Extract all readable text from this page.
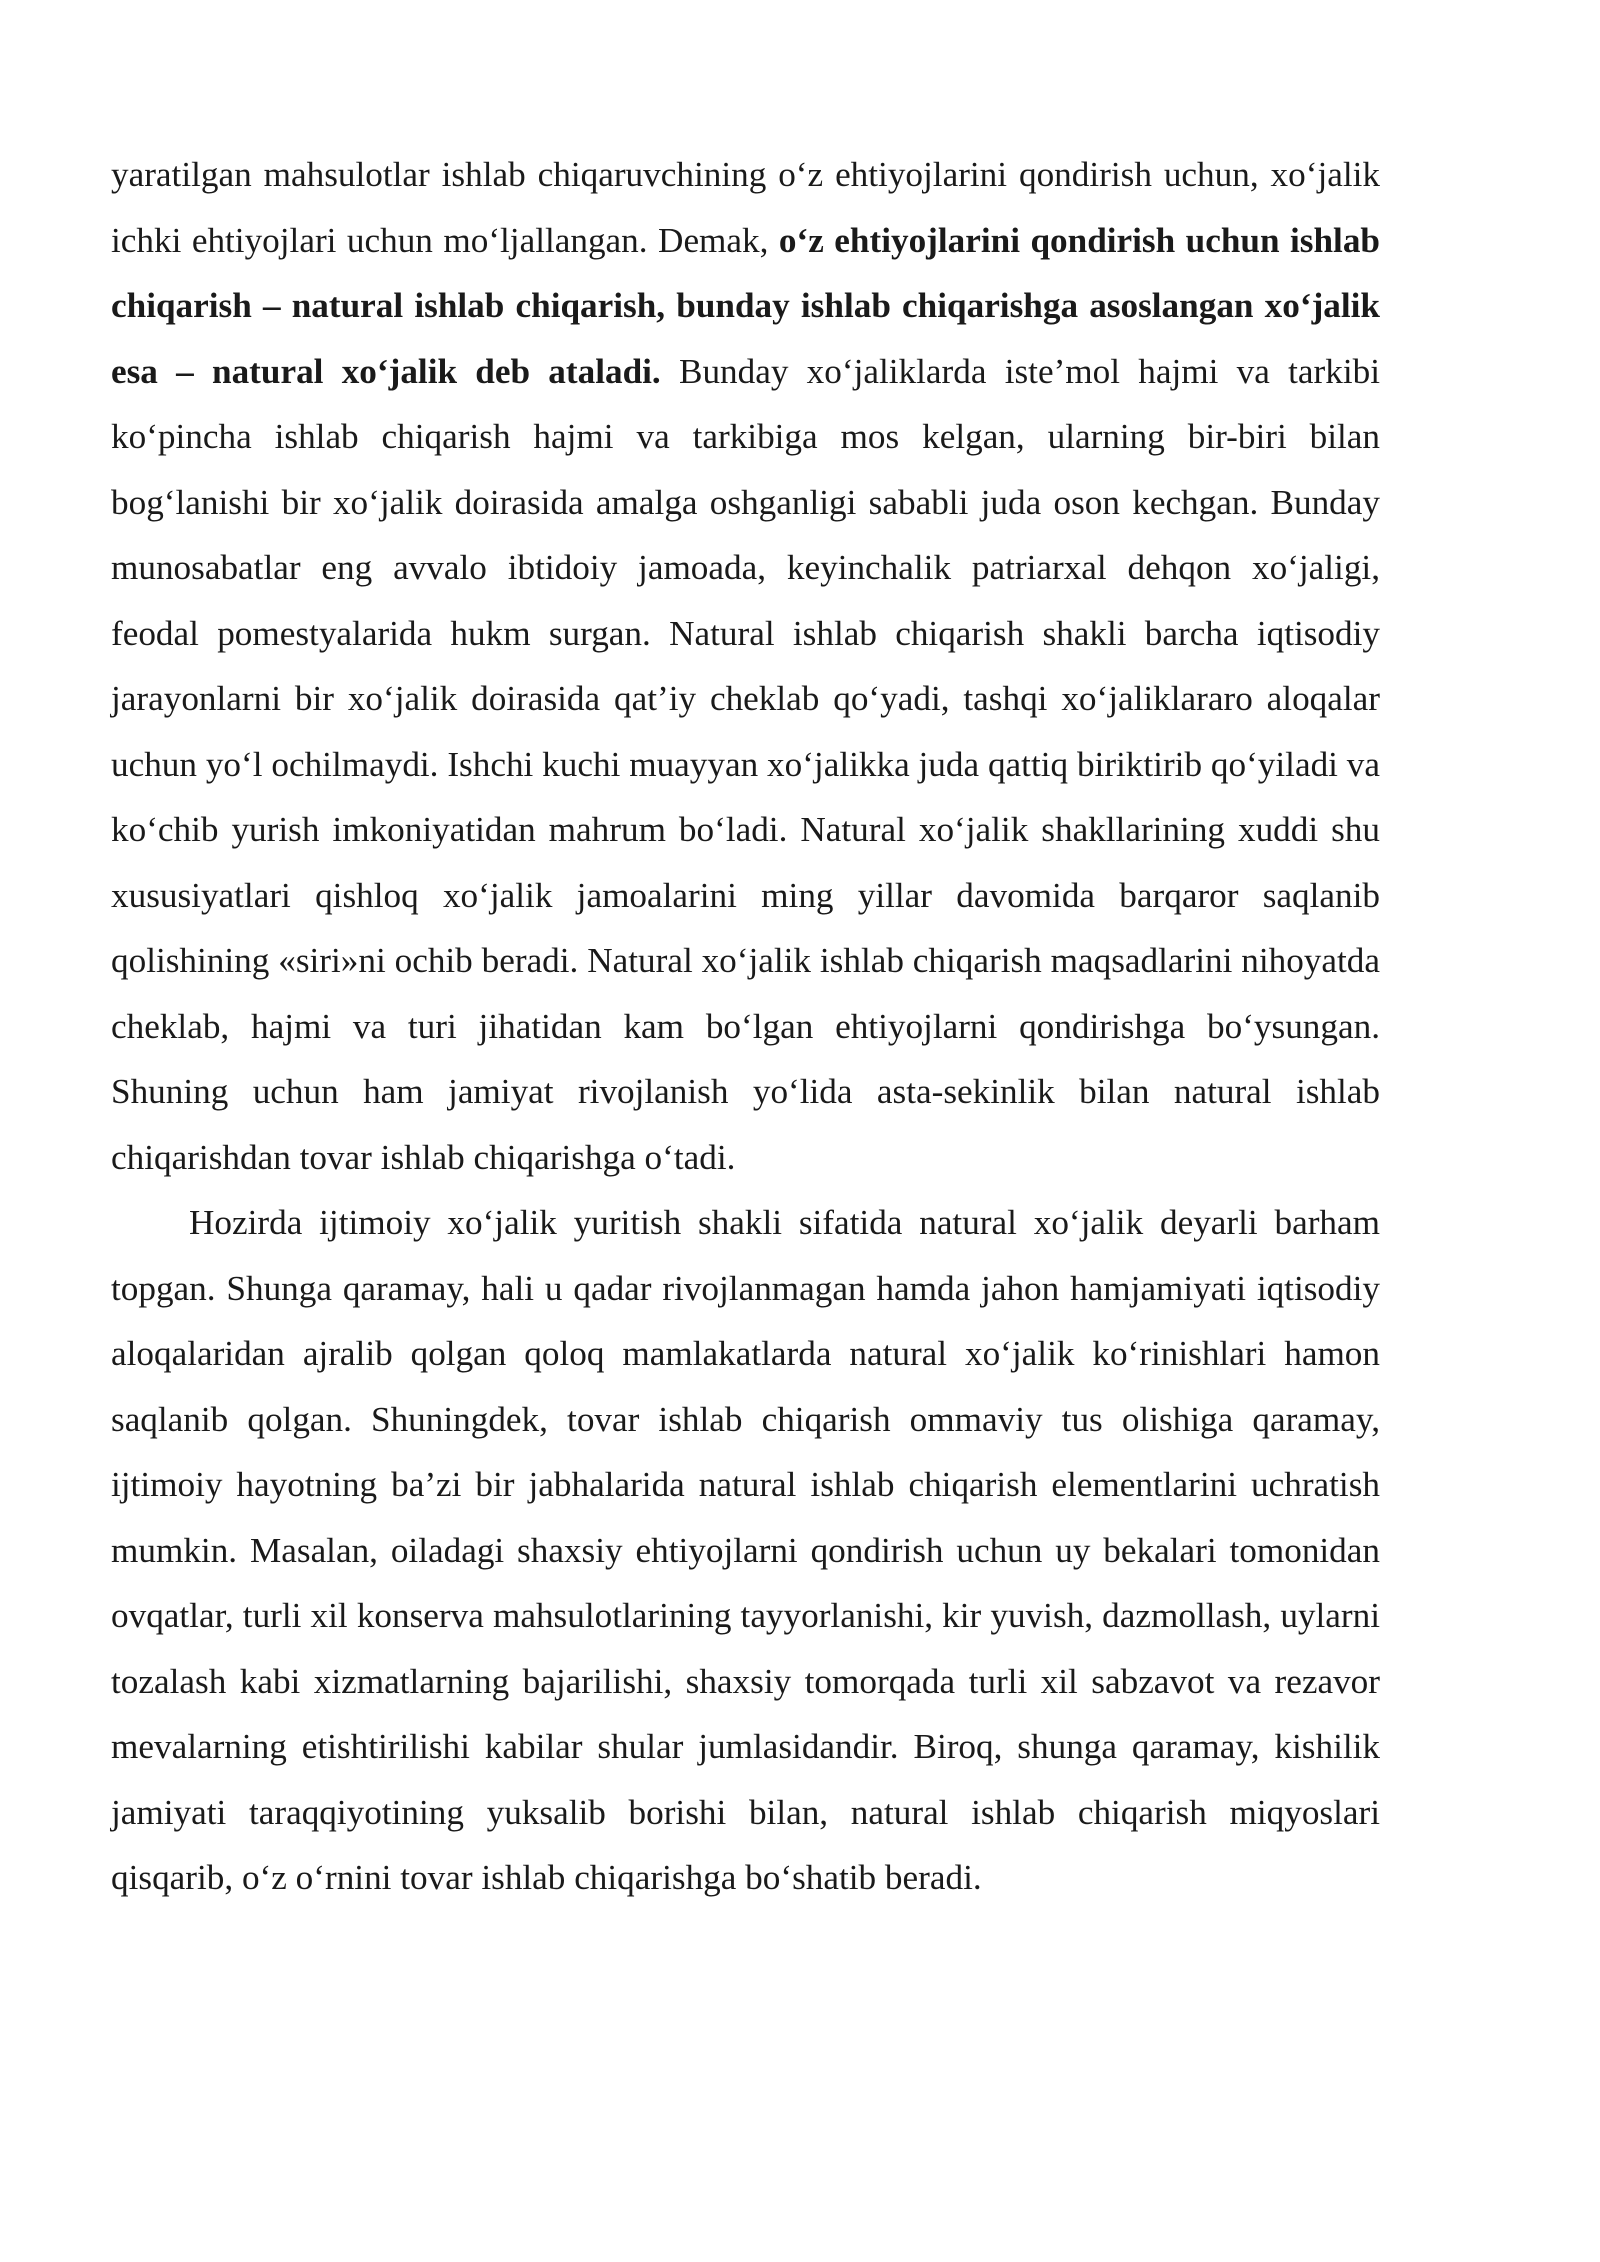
yaratilgan mahsulotlar ishlab chiqaruvchining o‘z ehtiyojlarini qondirish uchun, xo‘jalik ichki ehtiyojlari uchun mo‘ljallangan. Demak, o‘z ehtiyojlarini qondirish uchun ishlab chiqarish – natural ishlab chiqarish, bunday ishlab chiqarishga asoslangan xo‘jalik esa – natural xo‘jalik deb ataladi. Bunday xo‘jaliklarda iste’mol hajmi va tarkibi ko‘pincha ishlab chiqarish hajmi va tarkibiga mos kelgan, ularning bir-biri bilan bog‘lanishi bir xo‘jalik doirasida amalga oshganligi sababli juda oson kechgan. Bunday munosabatlar eng avvalo ibtidoiy jamoada, keyinchalik patriarxal dehqon xo‘jaligi, feodal pomestyalarida hukm surgan. Natural ishlab chiqarish shakli barcha iqtisodiy jarayonlarni bir xo‘jalik doirasida qat’iy cheklab qo‘yadi, tashqi xo‘jaliklararo aloqalar uchun yo‘l ochilmaydi. Ishchi kuchi muayyan xo‘jalikka juda qattiq biriktirib qo‘yiladi va ko‘chib yurish imkoniyatidan mahrum bo‘ladi. Natural xo‘jalik shakllarining xuddi shu xususiyatlari qishloq xo‘jalik jamoalarini ming yillar davomida barqaror saqlanib qolishining «siri»ni ochib beradi. Natural xo‘jalik ishlab chiqarish maqsadlarini nihoyatda cheklab, hajmi va turi jihatidan kam bo‘lgan ehtiyojlarni qondirishga bo‘ysungan. Shuning uchun ham jamiyat rivojlanish yo‘lida asta-sekinlik bilan natural ishlab chiqarishdan tovar ishlab chiqarishga o‘tadi.

Hozirda ijtimoiy xo‘jalik yuritish shakli sifatida natural xo‘jalik deyarli barham topgan. Shunga qaramay, hali u qadar rivojlanmagan hamda jahon hamjamiyati iqtisodiy aloqalaridan ajralib qolgan qoloq mamlakatlarda natural xo‘jalik ko‘rinishlari hamon saqlanib qolgan. Shuningdek, tovar ishlab chiqarish ommaviy tus olishiga qaramay, ijtimoiy hayotning ba’zi bir jabhalarida natural ishlab chiqarish elementlarini uchratish mumkin. Masalan, oiladagi shaxsiy ehtiyojlarni qondirish uchun uy bekalari tomonidan ovqatlar, turli xil konserva mahsulotlarining tayyorlanishi, kir yuvish, dazmollash, uylarni tozalash kabi xizmatlarning bajarilishi, shaxsiy tomorqada turli xil sabzavot va rezavor mevalarning etishtirilishi kabilar shular jumlasidandir. Biroq, shunga qaramay, kishilik jamiyati taraqqiyotining yuksalib borishi bilan, natural ishlab chiqarish miqyoslari qisqarib, o‘z o‘rnini tovar ishlab chiqarishga bo‘shatib beradi.
